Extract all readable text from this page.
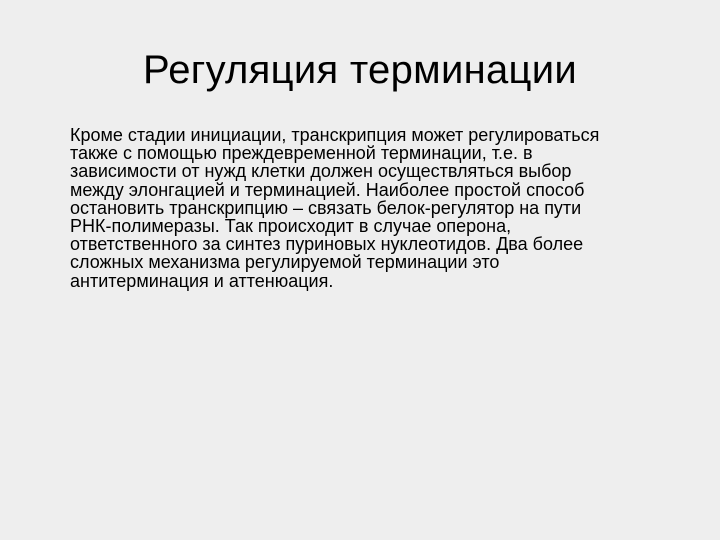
Регуляция терминации

Кроме стадии инициации, транскрипция может регулироваться
также с помощью преждевременной терминации, т.е. в
зависимости от нужд клетки должен осуществляться выбор
между элонгацией и терминацией. Наиболее простой способ
остановить транскрипцию – связать белок-регулятор на пути
РНК-полимеразы. Так происходит в случае оперона,
ответственного за синтез пуриновых нуклеотидов. Два более
сложных механизма регулируемой терминации это
антитерминация и аттенюация.
